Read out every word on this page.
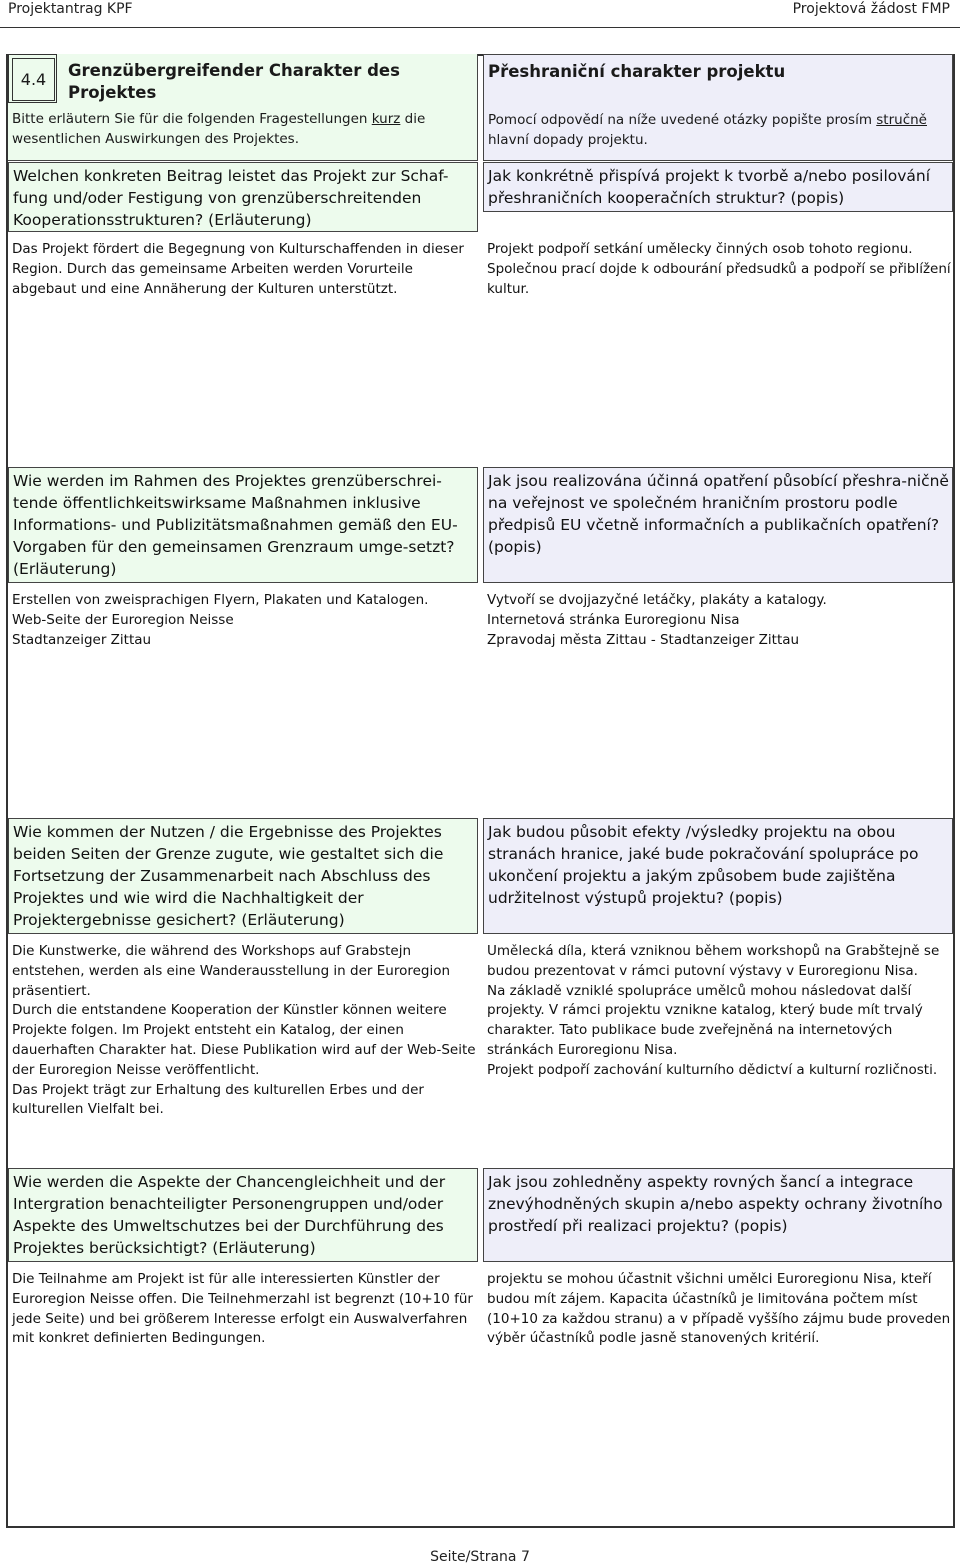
Projektantrag KPF	Projektová žádost FMP
4.4	Grenzübergreifender Charakter des Projektes
Bitte erläutern Sie für die folgenden Fragestellungen kurz die wesentlichen Auswirkungen des Projektes.
Přeshraniční charakter projektu
Pomocí odpovědí na níže uvedené otázky popište prosím stručně hlavní dopady projektu.
Welchen konkreten Beitrag leistet das Projekt zur Schaf-fung und/oder Festigung von grenzüberschreitenden Kooperationsstrukturen? (Erläuterung)
Das Projekt fördert die Begegnung von Kulturschaffenden in dieser Region. Durch das gemeinsame Arbeiten werden Vorurteile abgebaut und eine Annäherung der Kulturen unterstützt.
Jak konkrétně přispívá projekt k tvorbě a/nebo posilování přeshraničních kooperačních struktur? (popis)
Projekt podpoří setkání umělecky činných osob tohoto regionu. Společnou prací dojde k odbourání předsudků a podpoří se přiblížení kultur.
Wie werden im Rahmen des Projektes grenzüberschrei-tende öffentlichkeitswirksame Maßnahmen inklusive Informations- und Publizitätsmaßnahmen gemäß den EU-Vorgaben für den gemeinsamen Grenzraum umge-setzt? (Erläuterung)
Erstellen von zweisprachigen Flyern, Plakaten und Katalogen.
Web-Seite der Euroregion Neisse
Stadtanzeiger Zittau
Jak jsou realizována účinná opatření působící přeshra-ničně na veřejnost ve společném hraničním prostoru podle předpisů EU včetně informačních a publikačních opatření? (popis)
Vytvoří se dvojjazyčné letáčky, plakáty a katalogy.
Internetová stránka Euroregionu Nisa
Zpravodaj města Zittau - Stadtanzeiger Zittau
Wie kommen der Nutzen / die Ergebnisse des Projektes beiden Seiten der Grenze zugute, wie gestaltet sich die Fortsetzung der Zusammenarbeit nach Abschluss des Projektes und wie wird die Nachhaltigkeit der Projektergebnisse gesichert? (Erläuterung)
Die Kunstwerke, die während des Workshops auf Grabstejn entstehen, werden als eine Wanderausstellung in der Euroregion präsentiert.
Durch die entstandene Kooperation der Künstler können weitere Projekte folgen. Im Projekt entsteht ein Katalog, der einen dauerhaften Charakter hat. Diese Publikation wird auf der Web-Seite der Euroregion Neisse veröffentlicht.
Das Projekt trägt zur Erhaltung des kulturellen Erbes und der kulturellen Vielfalt bei.
Jak budou působit efekty /výsledky projektu na obou stranách hranice, jaké bude pokračování spolupráce po ukončení projektu a jakým způsobem bude zajištěna udržitelnost výstupů projektu? (popis)
Umělecká díla, která vzniknou během workshopů na Grabštejně se budou prezentovat v rámci putovní výstavy v Euroregionu Nisa.
Na základě vzniklé spolupráce umělců mohou následovat další projekty. V rámci projektu vznikne katalog, který bude mít trvalý charakter. Tato publikace bude zveřejněná na internetových stránkách Euroregionu Nisa.
Projekt podpoří zachování kulturního dědictví a kulturní rozličnosti.
Wie werden die Aspekte der Chancengleichheit und der Intergration benachteiligter Personengruppen und/oder Aspekte des Umweltschutzes bei der Durchführung des Projektes berücksichtigt? (Erläuterung)
Die Teilnahme am Projekt ist für alle interessierten Künstler der Euroregion Neisse offen. Die Teilnehmerzahl ist begrenzt (10+10 für jede Seite) und bei größerem Interesse erfolgt ein Auswalverfahren mit konkret definierten Bedingungen.
Jak jsou zohledněny aspekty rovných šancí a integrace znevýhodněných skupin a/nebo aspekty ochrany životního prostředí při realizaci projektu? (popis)
projektu se mohou účastnit všichni umělci Euroregionu Nisa, kteří budou mít zájem. Kapacita účastníků je limitována počtem míst (10+10 za každou stranu) a v případě vyššího zájmu bude proveden výběr účastníků podle jasně stanovených kritérií.
Seite/Strana 7
